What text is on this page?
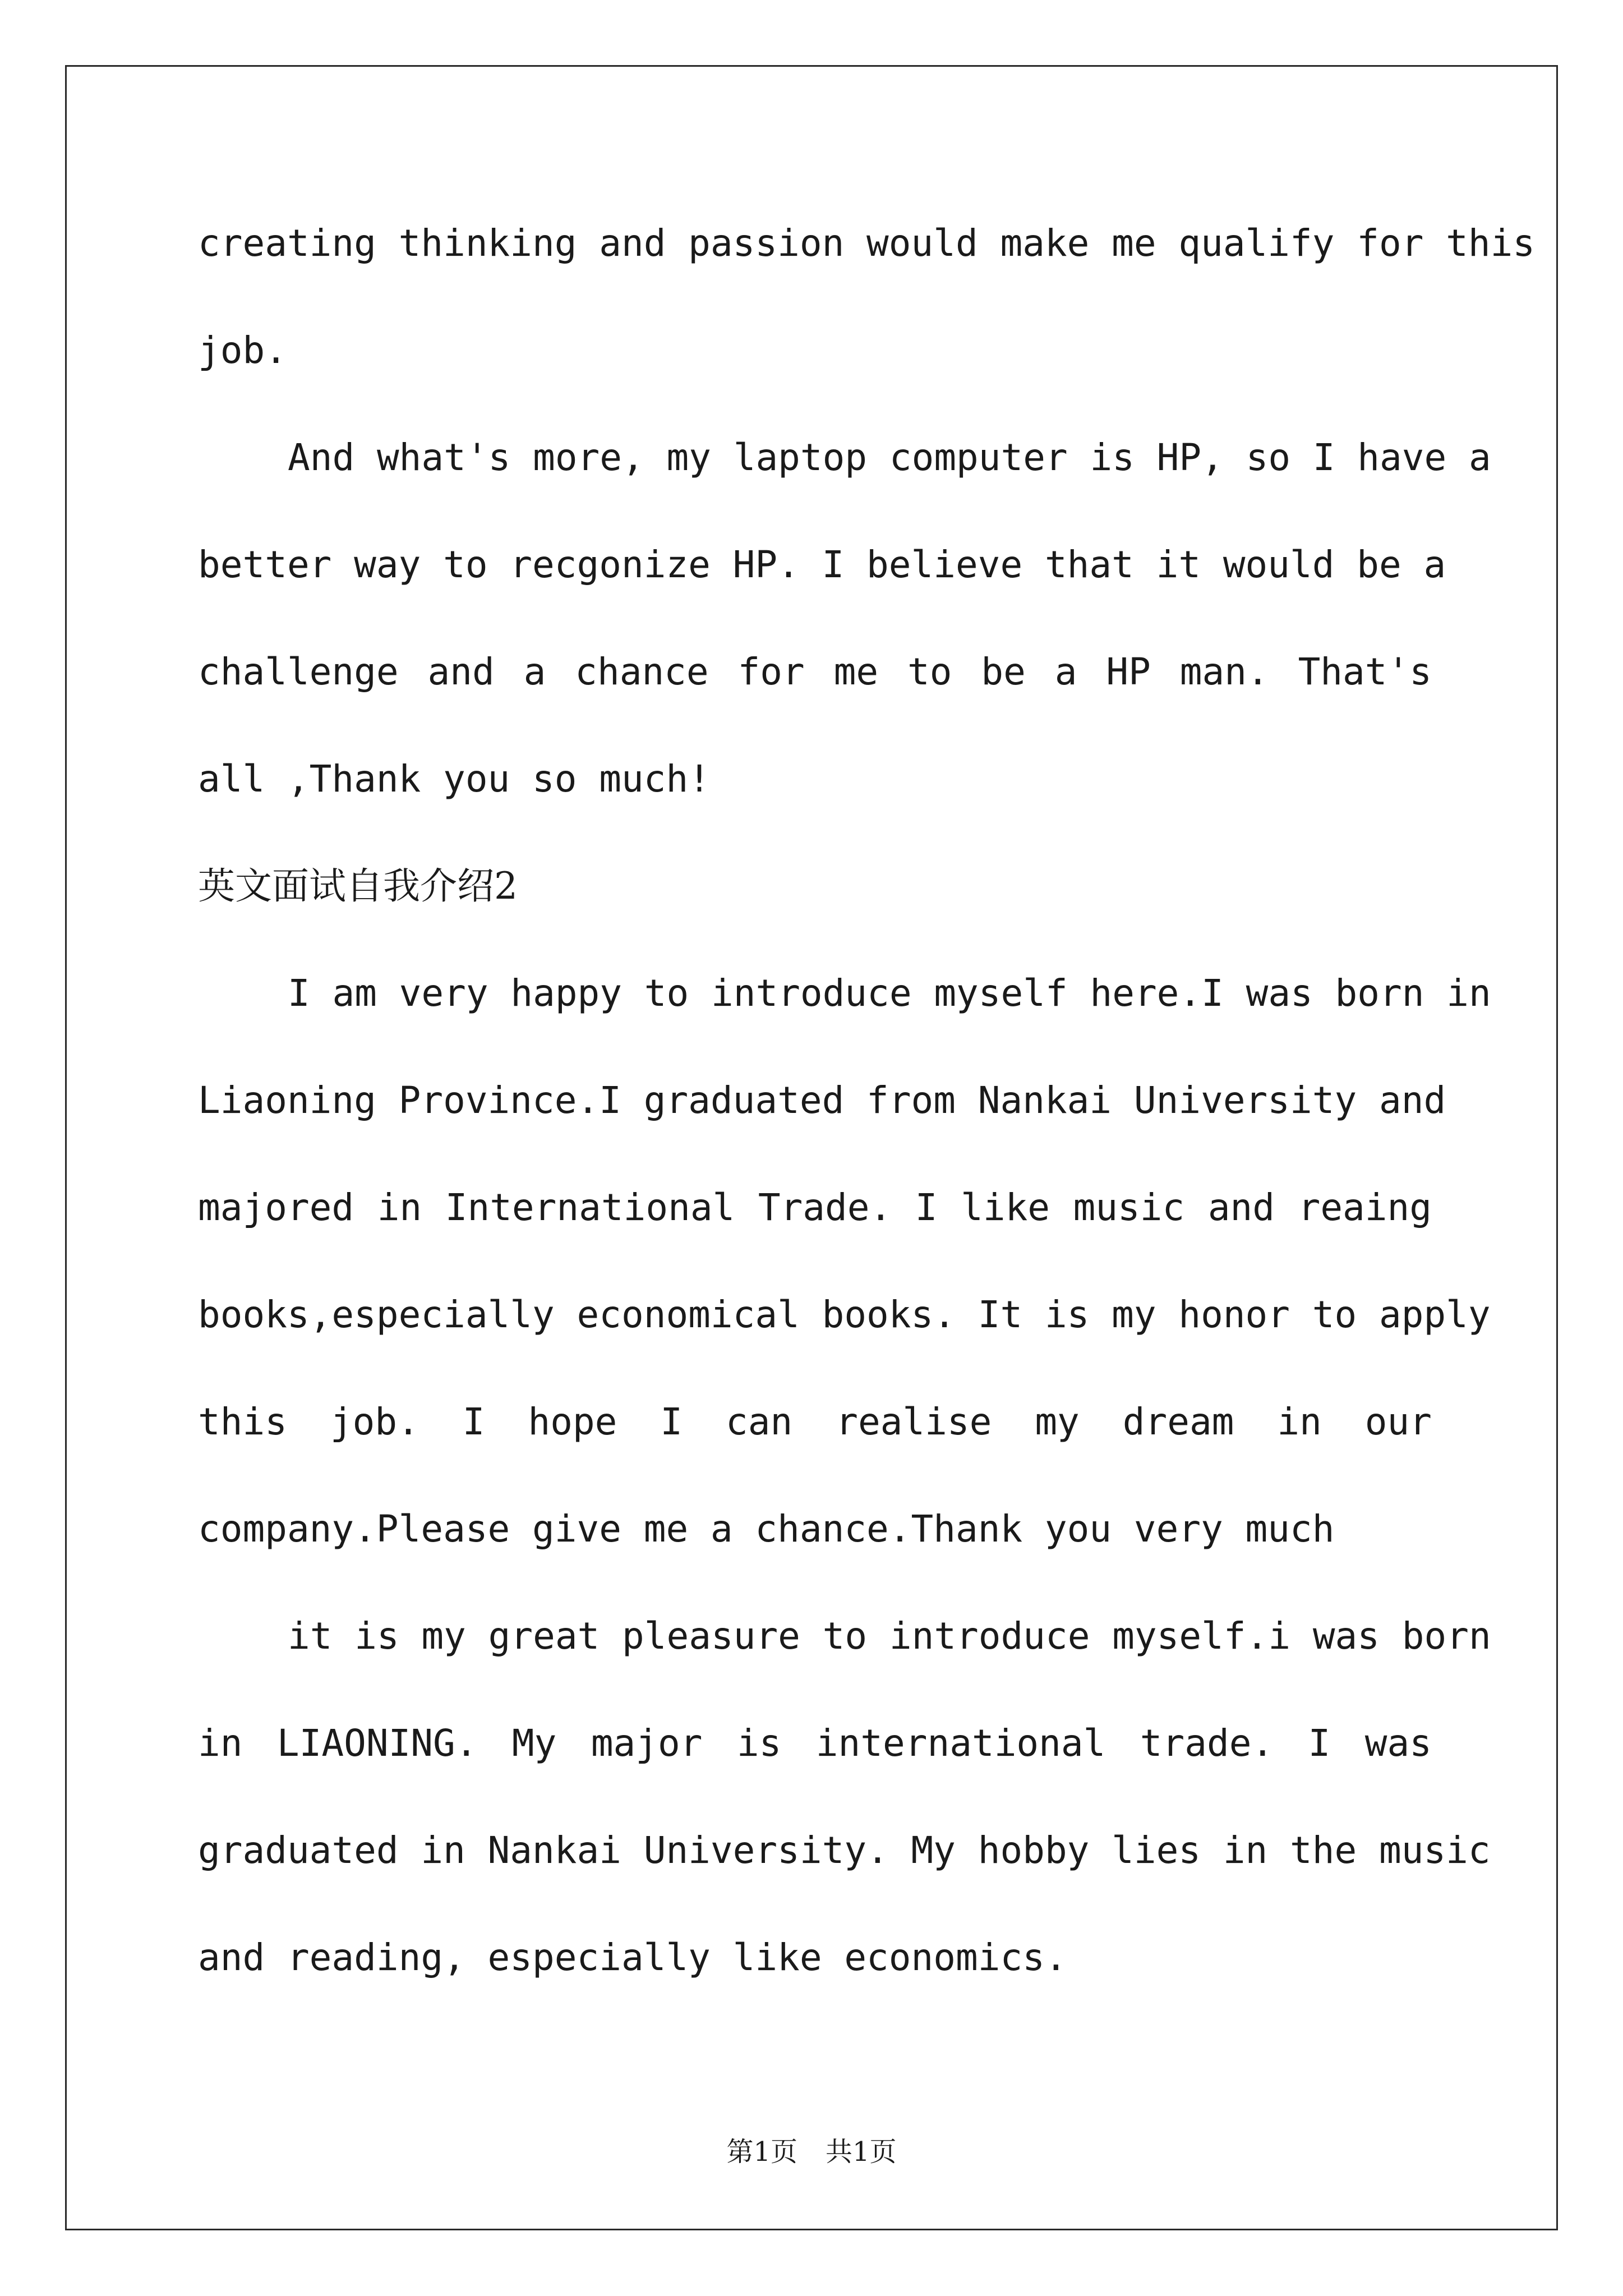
creating thinking and passion would make me qualify for this
job.
And what's more, my laptop computer is HP, so I have a
better way to recgonize HP. I believe that it would be a
challenge and a chance for me to be a HP man. That's
all ,Thank you so much!
英文面试自我介绍2
I am very happy to introduce myself here.I was born in
Liaoning Province.I graduated from Nankai University and
majored in International Trade. I like music and reaing
books,especially economical books. It is my honor to apply
this job. I hope I can realise my dream in our
company.Please give me a chance.Thank you very much
it is my great pleasure to introduce myself.i was born
in LIAONING. My major is international trade. I was
graduated in Nankai University. My hobby lies in the music
and reading, especially like economics.
第1页 共1页
